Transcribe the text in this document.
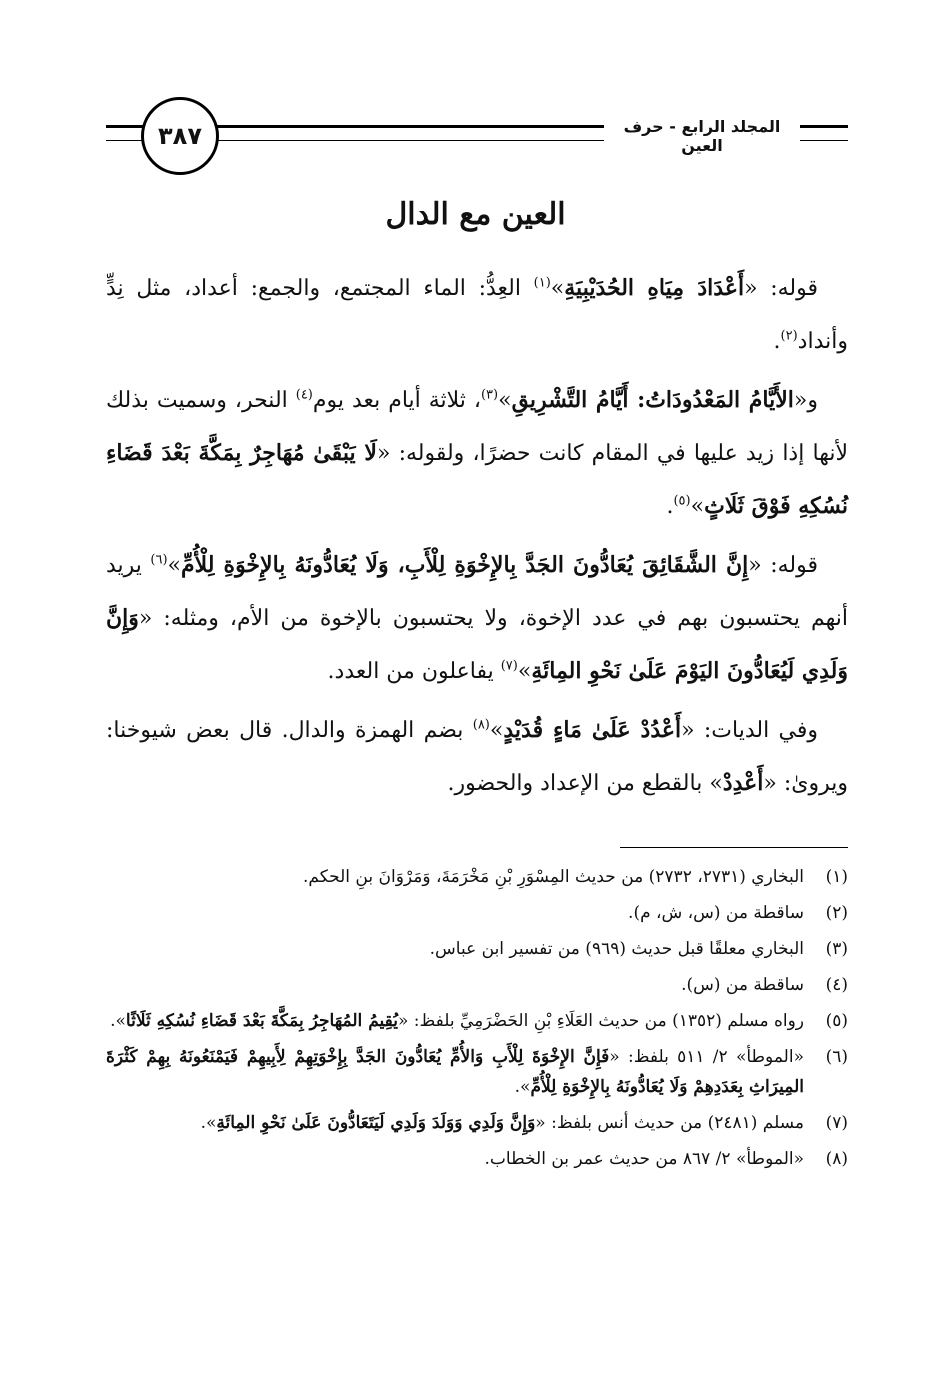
٣٨٧	المجلد الرابع - حرف العين
العين مع الدال

قوله: «أَعْدَادَ مِيَاهِ الحُدَيْبِيَةِ»$^{(١)}$ العِدُّ: الماء المجتمع، والجمع: أعداد، مثل نِدٍّ وأنداد$^{(٢)}$.

و«الأَيَّامُ المَعْدُودَاتُ: أَيَّامُ التَّشْرِيقِ»$^{(٣)}$، ثلاثة أيام بعد يوم$^{(٤)}$ النحر، وسميت بذلك لأنها إذا زيد عليها في المقام كانت حضرًا، ولقوله: «لَا يَبْقَىٰ مُهَاجِرٌ بِمَكَّةَ بَعْدَ قَضَاءِ نُسُكِهِ فَوْقَ ثَلَاثٍ»$^{(٥)}$.

قوله: «إِنَّ الشَّقَائِقَ يُعَادُّونَ الجَدَّ بِالإِخْوَةِ لِلْأَبِ، وَلَا يُعَادُّونَهُ بِالإِخْوَةِ لِلْأُمِّ»$^{(٦)}$ يريد أنهم يحتسبون بهم في عدد الإخوة، ولا يحتسبون بالإخوة من الأم، ومثله: «وَإِنَّ وَلَدِي لَيُعَادُّونَ اليَوْمَ عَلَىٰ نَحْوِ المِائَةِ»$^{(٧)}$ يفاعلون من العدد.

وفي الديات: «أَعْدُدْ عَلَىٰ مَاءٍ قُدَيْدٍ»$^{(٨)}$ بضم الهمزة والدال. قال بعض شيوخنا: ويروىٰ: «أَعْدِدْ» بالقطع من الإعداد والحضور.

(١)
البخاري (٢٧٣١، ٢٧٣٢) من حديث المِسْوَرِ بْنِ مَخْرَمَةَ، وَمَرْوَانَ بنِ الحكم.
(٢)
ساقطة من (س، ش، م).
(٣)
البخاري معلقًا قبل حديث (٩٦٩) من تفسير ابن عباس.
(٤)
ساقطة من (س).
(٥)
رواه مسلم (١٣٥٢) من حديث العَلَاءِ بْنِ الحَضْرَمِيِّ بلفظ: «يُقِيمُ المُهَاجِرُ بِمَكَّةَ بَعْدَ قَضَاءِ نُسُكِهِ ثَلَاثًا».
(٦)
«الموطأ» ٢/ ٥١١ بلفظ: «فَإِنَّ الإِخْوَةَ لِلْأَبِ وَالأُمِّ يُعَادُّونَ الجَدَّ بِإِخْوَتِهِمْ لِأَبِيهِمْ فَيَمْنَعُونَهُ بِهِمْ كَثْرَةَ المِيرَاثِ بِعَدَدِهِمْ وَلَا يُعَادُّونَهُ بِالإِخْوَةِ لِلْأُمِّ».
(٧)
مسلم (٢٤٨١) من حديث أنس بلفظ: «وَإِنَّ وَلَدِي وَوَلَدَ وَلَدِي لَيَتَعَادُّونَ عَلَىٰ نَحْوِ المِائَةِ».
(٨)
«الموطأ» ٢/ ٨٦٧ من حديث عمر بن الخطاب.
